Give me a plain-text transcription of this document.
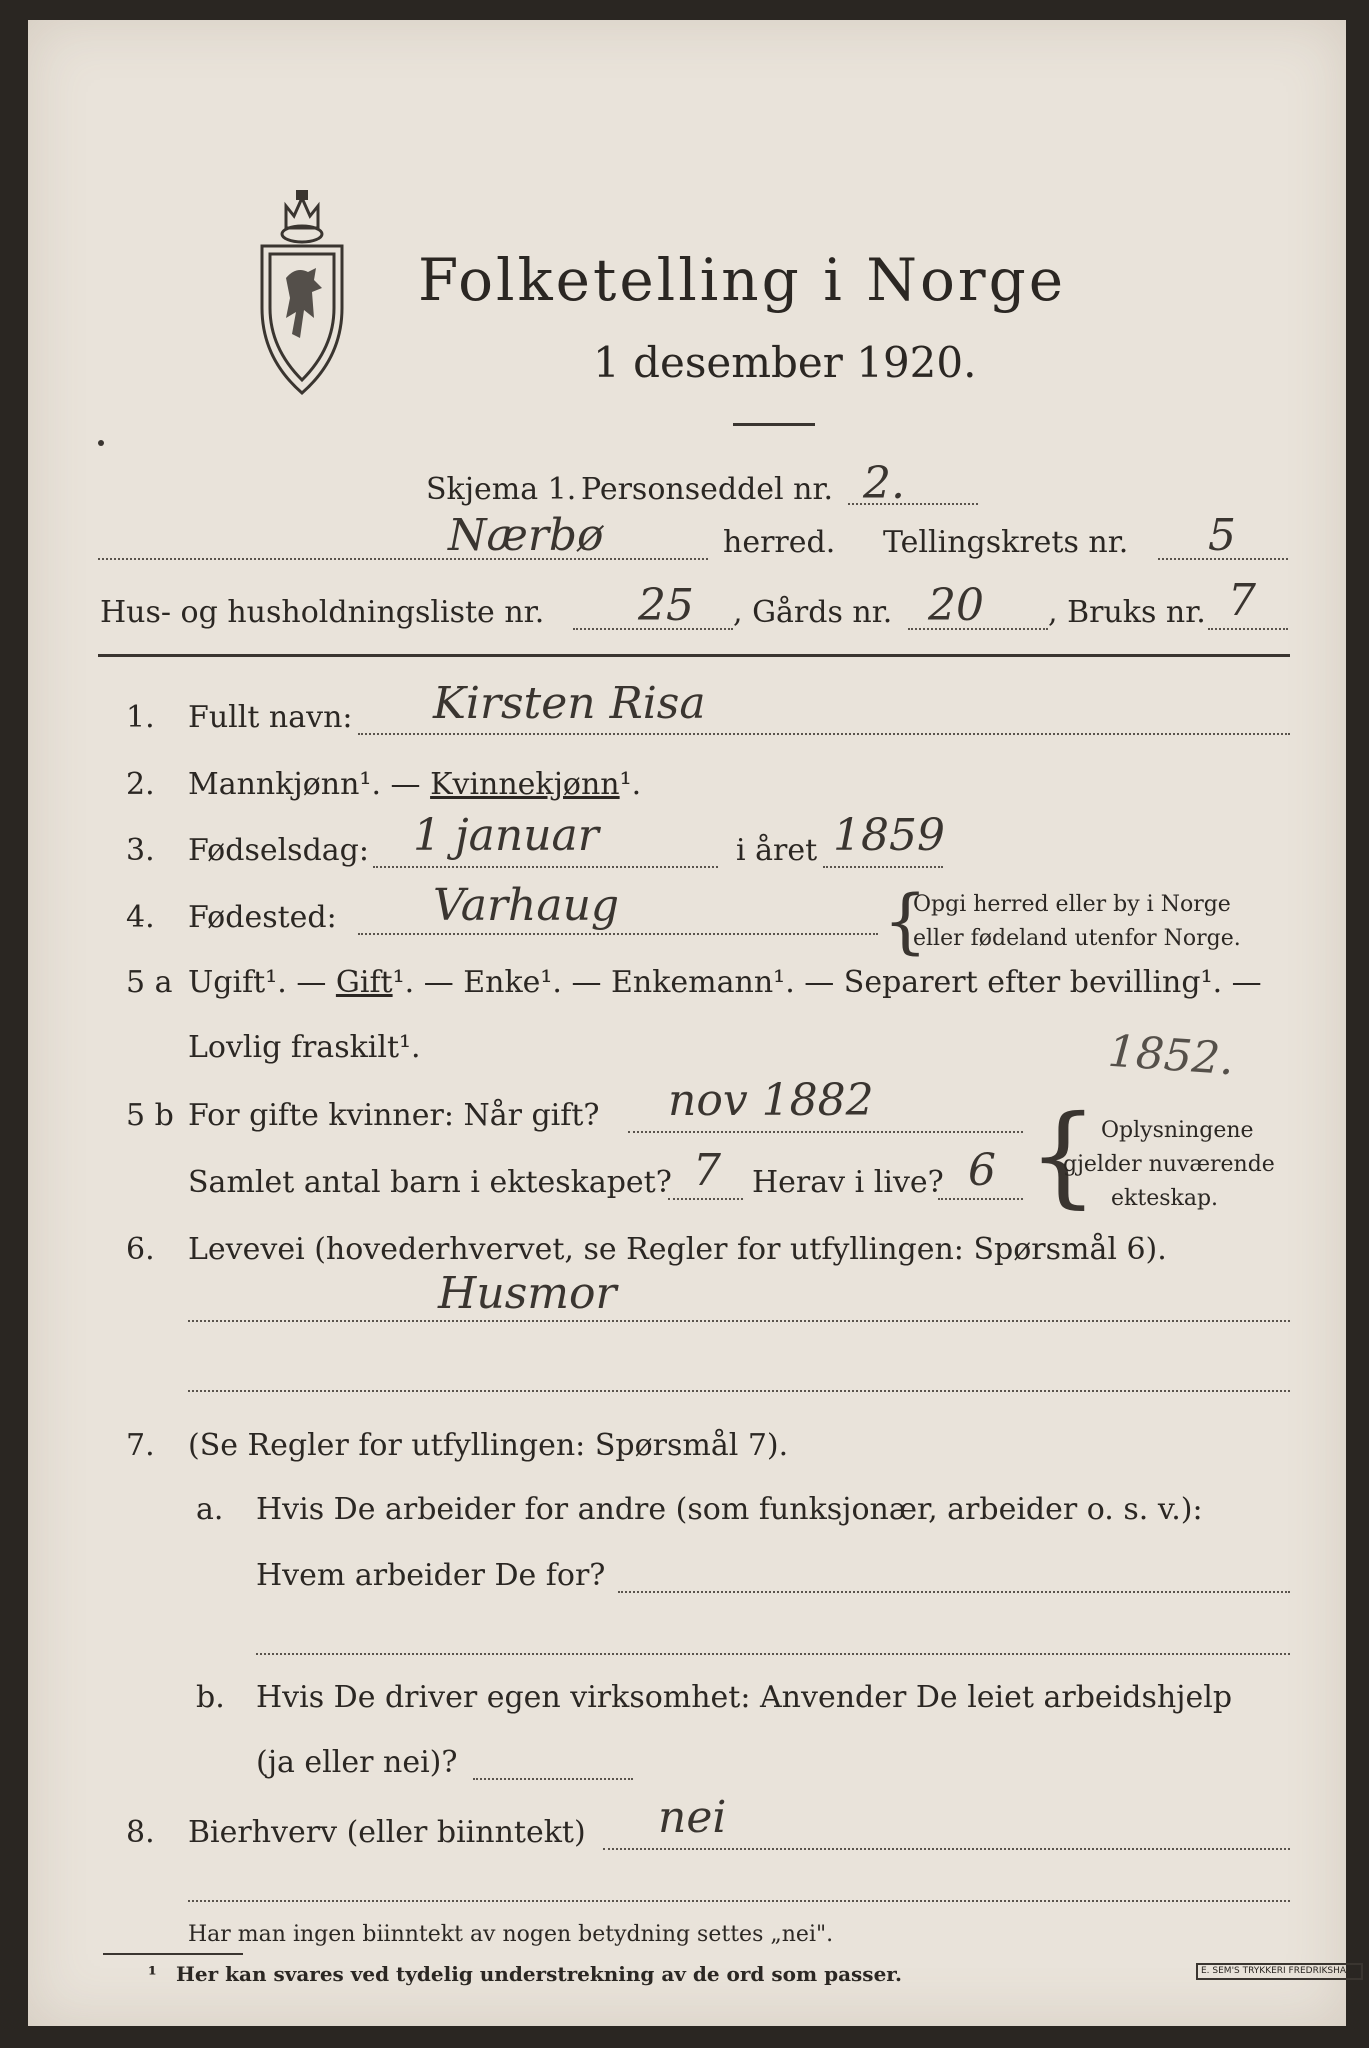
Folketelling i Norge
1 desember 1920.
Skjema 1. Personseddel nr. 2.
Nærbø	herred. Tellingskrets nr. 5
Hus- og husholdningsliste nr. 25 , Gårds nr. 20 , Bruks nr. 7
1. Fullt navn: Kirsten Risa
2. Mannkjønn¹. — Kvinnekjønn¹.
3. Fødselsdag: 1 januar	i året 1859
4. Fødested: Varhaug	{
Opgi herred eller by i Norge
eller fødeland utenfor Norge.
5 a Ugift¹. — Gift¹. — Enke¹. — Enkemann¹. — Separert efter bevilling¹. —
Lovlig fraskilt¹.
5 b For gifte kvinner: Når gift? nov 1882
1852.
Samlet antal barn i ekteskapet? 7 Herav i live? 6 { Oplysningene
gjelder nuværende
ekteskap.
6. Levevei (hovederhvervet, se Regler for utfyllingen: Spørsmål 6).
Husmor
7. (Se Regler for utfyllingen: Spørsmål 7).
a. Hvis De arbeider for andre (som funksjonær, arbeider o. s. v.):
Hvem arbeider De for?
b. Hvis De driver egen virksomhet: Anvender De leiet arbeidshjelp
(ja eller nei)?
8. Bierhverv (eller biinntekt) nei
Har man ingen biinntekt av nogen betydning settes „nei".
¹ Her kan svares ved tydelig understrekning av de ord som passer.	E. SEM'S TRYKKERI FREDRIKSHALD
